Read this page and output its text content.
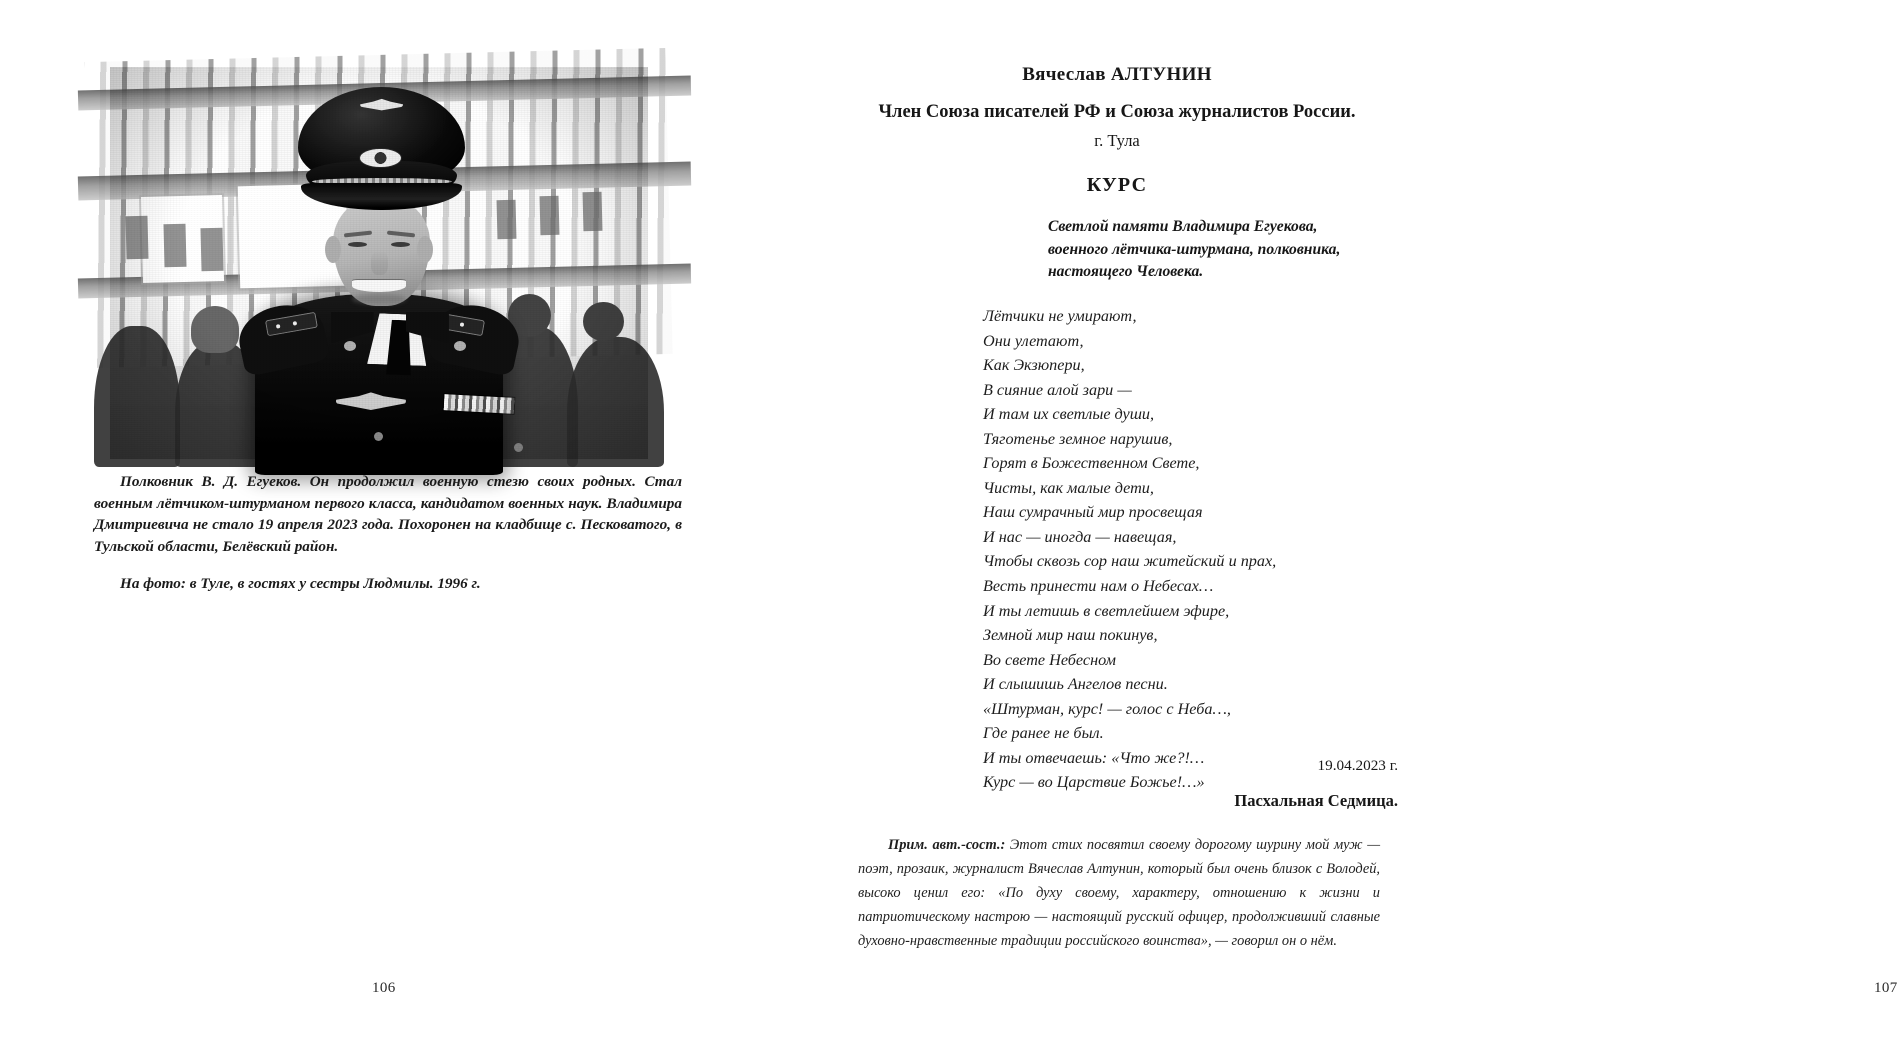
Полковник В. Д. Егуеков. Он продолжил военную стезю своих родных. Стал военным лётчиком-штурманом первого класса, кандидатом военных наук. Владимира Дмитриевича не стало 19 апреля 2023 года. Похоронен на кладбище с. Песковатого, в Тульской области, Белёвский район.

На фото: в Туле, в гостях у сестры Людмилы. 1996 г.

106
Вячеслав АЛТУНИН
Член Союза писателей РФ и Союза журналистов России.
г. Тула
КУРС
Светлой памяти Владимира Егуекова,
военного лётчика-штурмана, полковника,
настоящего Человека.
Лётчики не умирают,
Они улетают,
Как Экзюпери,
В сияние алой зари —
И там их светлые души,
Тяготенье земное нарушив,
Горят в Божественном Свете,
Чисты, как малые дети,
Наш сумрачный мир просвещая
И нас — иногда — навещая,
Чтобы сквозь сор наш житейский и прах,
Весть принести нам о Небесах…
И ты летишь в светлейшем эфире,
Земной мир наш покинув,
Во свете Небесном
И слышишь Ангелов песни.
«Штурман, курс! — голос с Неба…,
Где ранее не был.
И ты отвечаешь: «Что же?!…
Курс — во Царствие Божье!…»
19.04.2023 г.
Пасхальная Седмица.

Прим. авт.-сост.: Этот стих посвятил своему дорогому шурину мой муж — поэт, прозаик, журналист Вячеслав Алтунин, который был очень близок с Володей, высоко ценил его: «По духу своему, характеру, отношению к жизни и патриотическому настрою — настоящий русский офицер, продолживший славные духовно-нравственные традиции российского воинства», — говорил он о нём.

107
